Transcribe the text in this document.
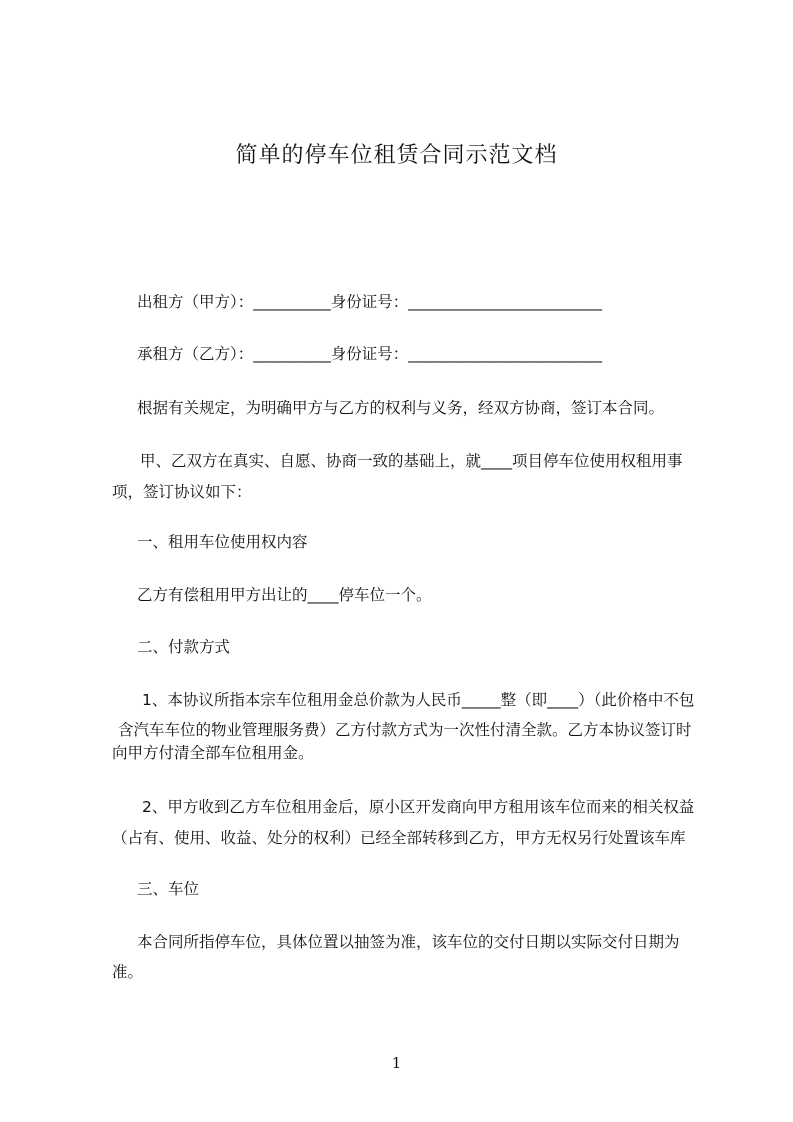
简单的停车位租赁合同示范文档
出租方（甲方）：__________身份证号：_________________________
承租方（乙方）：__________身份证号：_________________________
根据有关规定，为明确甲方与乙方的权利与义务，经双方协商，签订本合同。
甲、乙双方在真实、自愿、协商一致的基础上，就____项目停车位使用权租用事
项，签订协议如下：
一、租用车位使用权内容
乙方有偿租用甲方出让的____停车位一个。
二、付款方式
1、本协议所指本宗车位租用金总价款为人民币_____整（即____）（此价格中不包
含汽车车位的物业管理服务费）乙方付款方式为一次性付清全款。乙方本协议签订时
向甲方付清全部车位租用金。
2、甲方收到乙方车位租用金后，原小区开发商向甲方租用该车位而来的相关权益
（占有、使用、收益、处分的权利）已经全部转移到乙方，甲方无权另行处置该车库
三、车位
本合同所指停车位，具体位置以抽签为准，该车位的交付日期以实际交付日期为
准。
1
